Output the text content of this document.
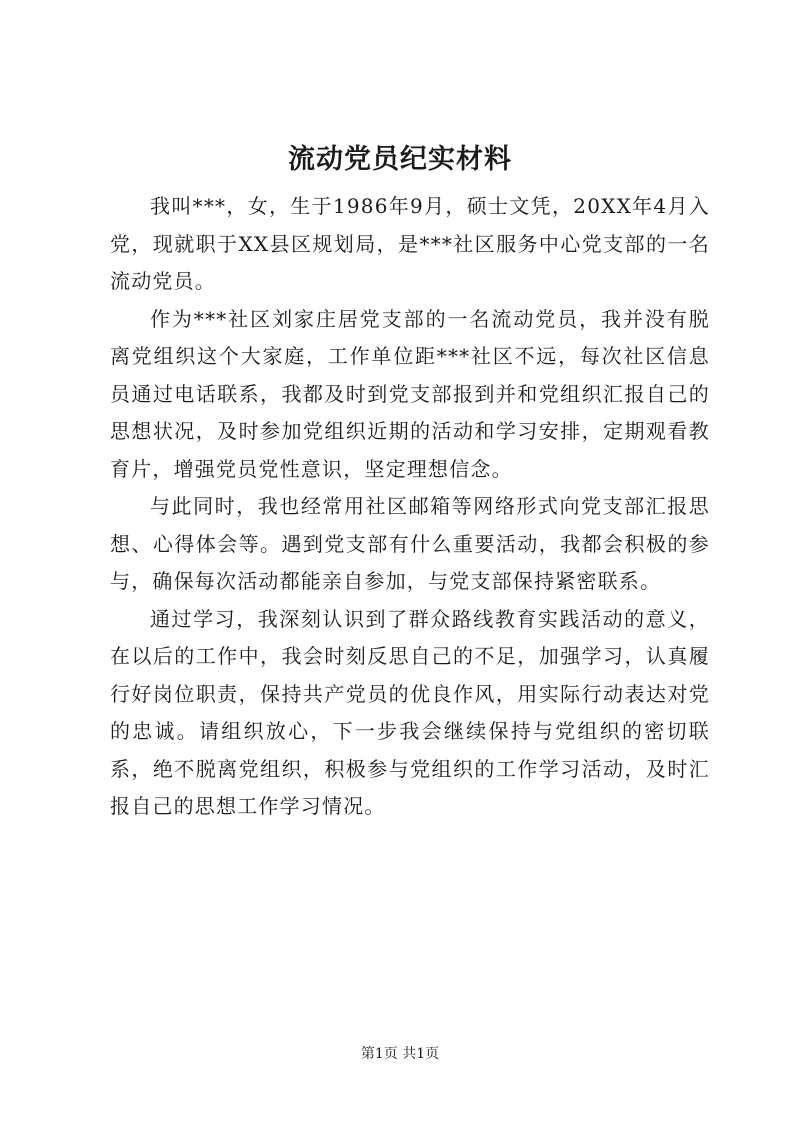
流动党员纪实材料

我叫***，女，生于1986年9月，硕士文凭，20XX年4月入党，现就职于XX县区规划局，是***社区服务中心党支部的一名流动党员。

作为***社区刘家庄居党支部的一名流动党员，我并没有脱离党组织这个大家庭，工作单位距***社区不远，每次社区信息员通过电话联系，我都及时到党支部报到并和党组织汇报自己的思想状况，及时参加党组织近期的活动和学习安排，定期观看教育片，增强党员党性意识，坚定理想信念。

与此同时，我也经常用社区邮箱等网络形式向党支部汇报思想、心得体会等。遇到党支部有什么重要活动，我都会积极的参与，确保每次活动都能亲自参加，与党支部保持紧密联系。

通过学习，我深刻认识到了群众路线教育实践活动的意义，在以后的工作中，我会时刻反思自己的不足，加强学习，认真履行好岗位职责，保持共产党员的优良作风，用实际行动表达对党的忠诚。请组织放心，下一步我会继续保持与党组织的密切联系，绝不脱离党组织，积极参与党组织的工作学习活动，及时汇报自己的思想工作学习情况。

第1页 共1页
